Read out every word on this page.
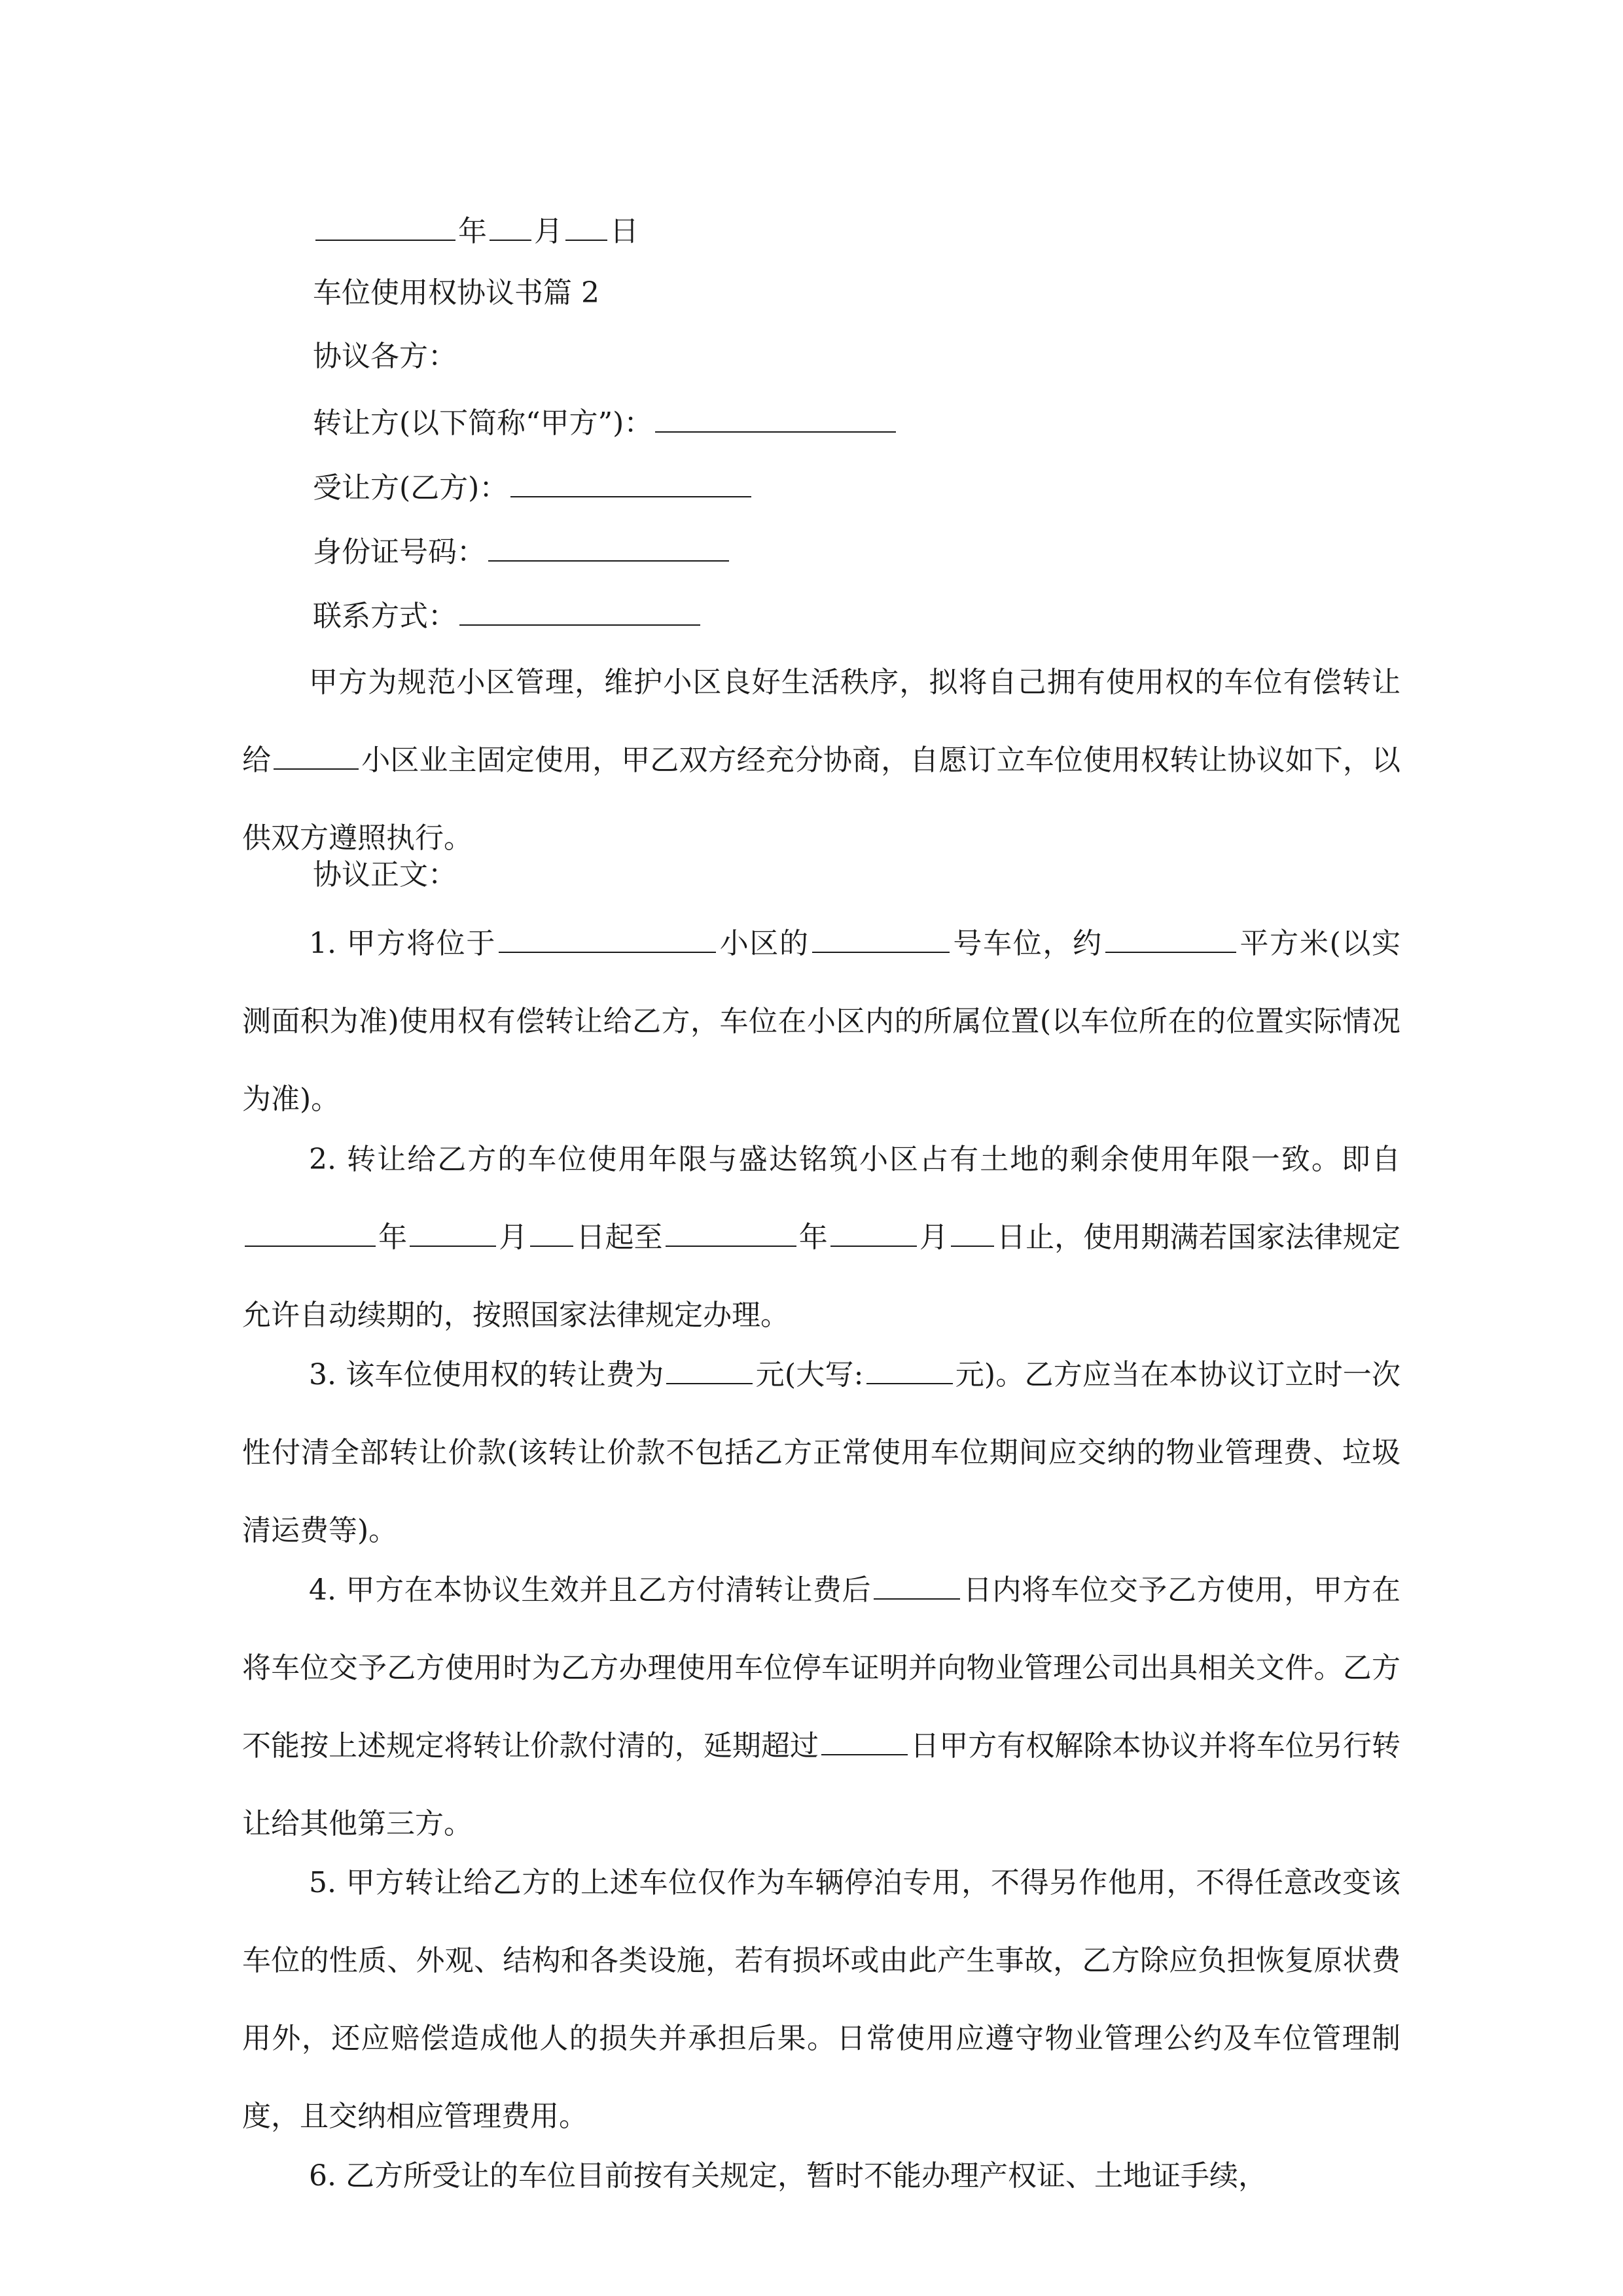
年 月 日
车位使用权协议书篇 2
协议各方：
转让方(以下简称“甲方”)：
受让方(乙方)：
身份证号码：
联系方式：
甲方为规范小区管理，维护小区良好生活秩序，拟将自己拥有使用权的车位有偿转让给	小区业主固定使用，甲乙双方经充分协商，自愿订立车位使用权转让协议如下，以供双方遵照执行。
协议正文：
1. 甲方将位于	小区的	号车位，约	平方米(以实测面积为准)使用权有偿转让给乙方，车位在小区内的所属位置(以车位所在的位置实际情况为准)。
2. 转让给乙方的车位使用年限与盛达铭筑小区占有土地的剩余使用年限一致。即自年	月 日起至	年	月 日止，使用期满若国家法律规定允许自动续期的，按照国家法律规定办理。
3. 该车位使用权的转让费为	元(大写:	元)。乙方应当在本协议订立时一次性付清全部转让价款(该转让价款不包括乙方正常使用车位期间应交纳的物业管理费、垃圾清运费等)。
4. 甲方在本协议生效并且乙方付清转让费后	日内将车位交予乙方使用，甲方在将车位交予乙方使用时为乙方办理使用车位停车证明并向物业管理公司出具相关文件。乙方不能按上述规定将转让价款付清的，延期超过	日甲方有权解除本协议并将车位另行转让给其他第三方。
5. 甲方转让给乙方的上述车位仅作为车辆停泊专用，不得另作他用，不得任意改变该车位的性质、外观、结构和各类设施，若有损坏或由此产生事故，乙方除应负担恢复原状费用外，还应赔偿造成他人的损失并承担后果。日常使用应遵守物业管理公约及车位管理制度，且交纳相应管理费用。
6. 乙方所受让的车位目前按有关规定，暂时不能办理产权证、土地证手续，
